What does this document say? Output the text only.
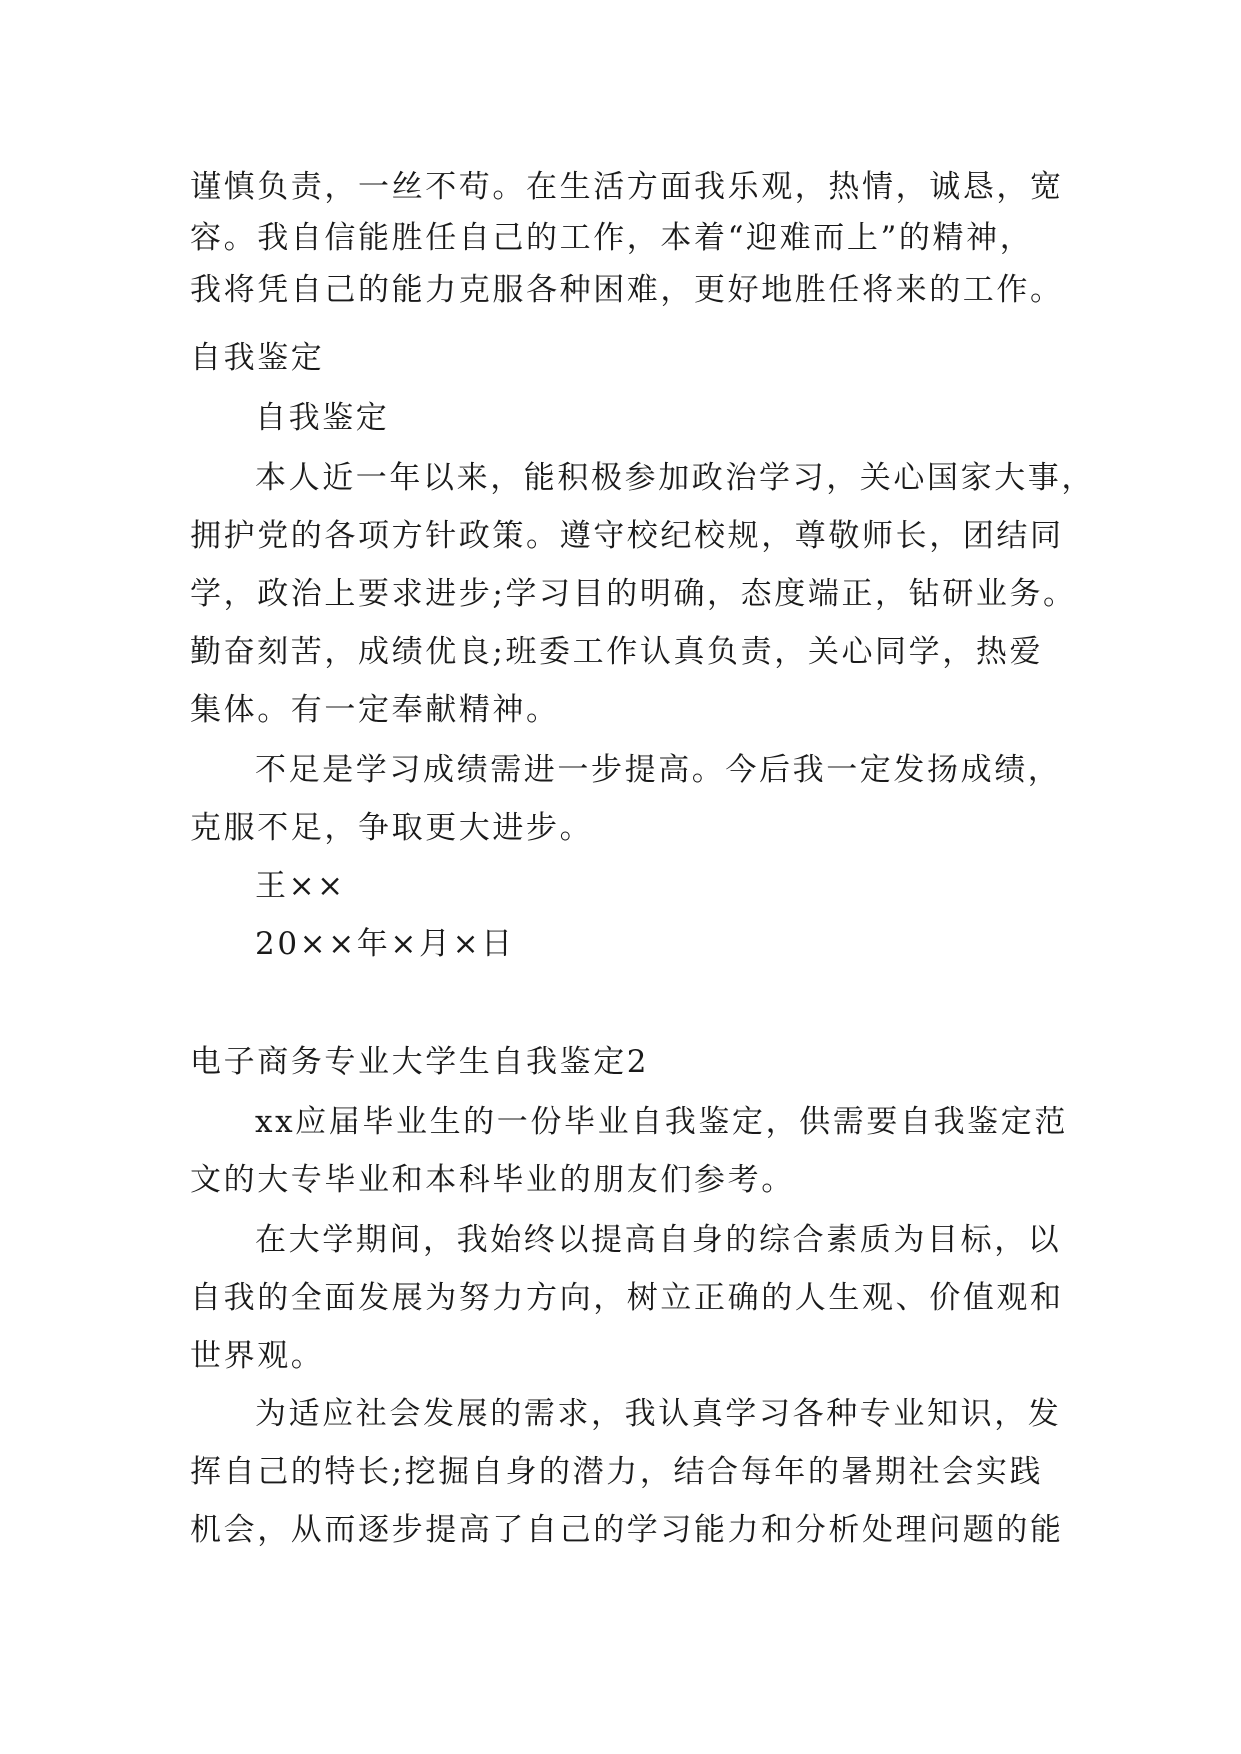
谨慎负责，一丝不苟。在生活方面我乐观，热情，诚恳，宽
容。我自信能胜任自己的工作，本着“迎难而上”的精神，
我将凭自己的能力克服各种困难，更好地胜任将来的工作。
自我鉴定
自我鉴定
本人近一年以来，能积极参加政治学习，关心国家大事，
拥护党的各项方针政策。遵守校纪校规，尊敬师长，团结同
学，政治上要求进步;学习目的明确，态度端正，钻研业务。
勤奋刻苦，成绩优良;班委工作认真负责，关心同学，热爱
集体。有一定奉献精神。
不足是学习成绩需进一步提高。今后我一定发扬成绩，
克服不足，争取更大进步。
王××
20××年×月×日
电子商务专业大学生自我鉴定2
xx应届毕业生的一份毕业自我鉴定，供需要自我鉴定范
文的大专毕业和本科毕业的朋友们参考。
在大学期间，我始终以提高自身的综合素质为目标，以
自我的全面发展为努力方向，树立正确的人生观、价值观和
世界观。
为适应社会发展的需求，我认真学习各种专业知识，发
挥自己的特长;挖掘自身的潜力，结合每年的暑期社会实践
机会，从而逐步提高了自己的学习能力和分析处理问题的能
